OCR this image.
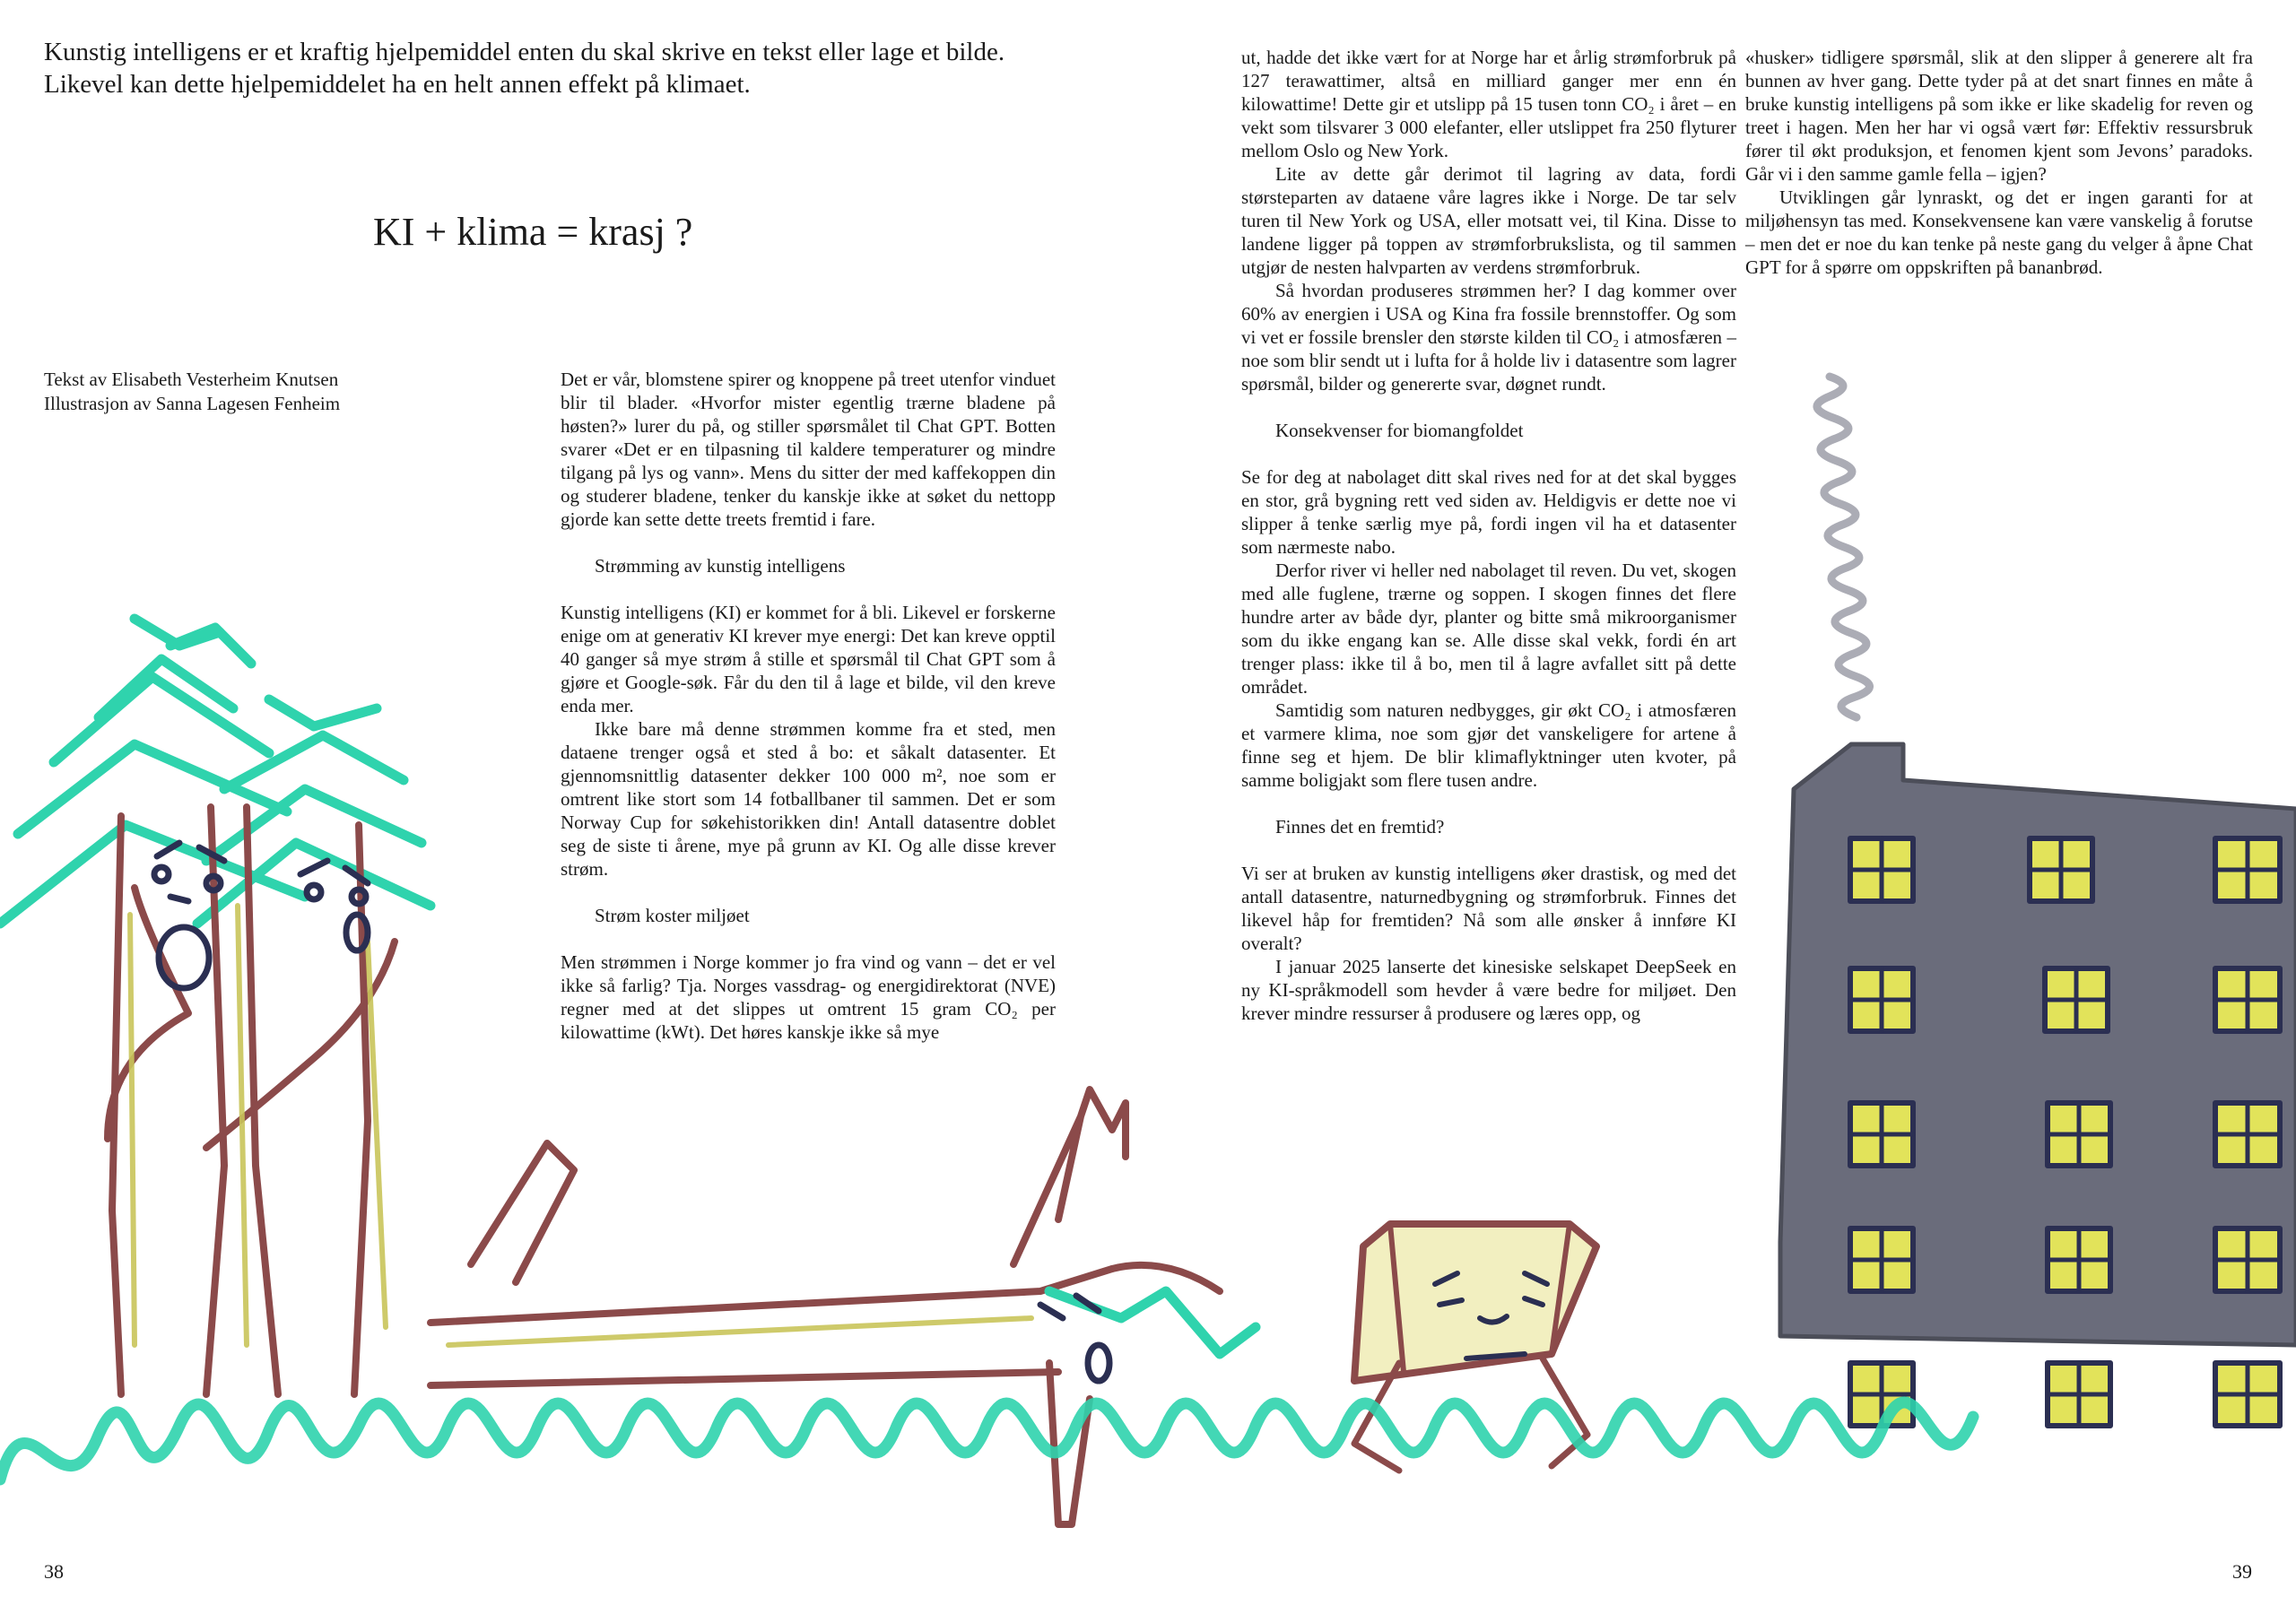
Kunstig intelligens er et kraftig hjelpemiddel enten du skal skrive en tekst eller lage et bilde. Likevel kan dette hjelpemiddelet ha en helt annen effekt på klimaet.

KI + klima = krasj ?
Tekst av Elisabeth Vesterheim Knutsen
Illustrasjon av Sanna Lagesen Fenheim

Det er vår, blomstene spirer og knoppene på treet utenfor vinduet blir til blader. «Hvorfor mister egentlig trærne bladene på høsten?» lurer du på, og stiller spørsmålet til Chat GPT. Botten svarer «Det er en tilpasning til kaldere temperaturer og mindre tilgang på lys og vann». Mens du sitter der med kaffekoppen din og studerer bladene, tenker du kanskje ikke at søket du nettopp gjorde kan sette dette treets fremtid i fare.

Strømming av kunstig intelligens

Kunstig intelligens (KI) er kommet for å bli. Likevel er forskerne enige om at generativ KI krever mye energi: Det kan kreve opptil 40 ganger så mye strøm å stille et spørsmål til Chat GPT som å gjøre et Google-søk. Får du den til å lage et bilde, vil den kreve enda mer.

Ikke bare må denne strømmen komme fra et sted, men dataene trenger også et sted å bo: et såkalt datasenter. Et gjennomsnittlig datasenter dekker 100 000 m², noe som er omtrent like stort som 14 fotballbaner til sammen. Det er som Norway Cup for søkehistorikken din! Antall datasentre doblet seg de siste ti årene, mye på grunn av KI. Og alle disse krever strøm.

Strøm koster miljøet

Men strømmen i Norge kommer jo fra vind og vann – det er vel ikke så farlig? Tja. Norges vassdrag- og energidirektorat (NVE) regner med at det slippes ut omtrent 15 gram CO₂ per kilowattime (kWt). Det høres kanskje ikke så mye

ut, hadde det ikke vært for at Norge har et årlig strømforbruk på 127 terawattimer, altså en milliard ganger mer enn én kilowattime! Dette gir et utslipp på 15 tusen tonn CO₂ i året – en vekt som tilsvarer 3 000 elefanter, eller utslippet fra 250 flyturer mellom Oslo og New York.

Lite av dette går derimot til lagring av data, fordi størsteparten av dataene våre lagres ikke i Norge. De tar selv turen til New York og USA, eller motsatt vei, til Kina. Disse to landene ligger på toppen av strømforbrukslista, og til sammen utgjør de nesten halvparten av verdens strømforbruk.

Så hvordan produseres strømmen her? I dag kommer over 60% av energien i USA og Kina fra fossile brennstoffer. Og som vi vet er fossile brensler den største kilden til CO₂ i atmosfæren – noe som blir sendt ut i lufta for å holde liv i datasentre som lagrer spørsmål, bilder og genererte svar, døgnet rundt.

Konsekvenser for biomangfoldet

Se for deg at nabolaget ditt skal rives ned for at det skal bygges en stor, grå bygning rett ved siden av. Heldigvis er dette noe vi slipper å tenke særlig mye på, fordi ingen vil ha et datasenter som nærmeste nabo.

Derfor river vi heller ned nabolaget til reven. Du vet, skogen med alle fuglene, trærne og soppen. I skogen finnes det flere hundre arter av både dyr, planter og bitte små mikroorganismer som du ikke engang kan se. Alle disse skal vekk, fordi én art trenger plass: ikke til å bo, men til å lagre avfallet sitt på dette området.

Samtidig som naturen nedbygges, gir økt CO₂ i atmosfæren et varmere klima, noe som gjør det vanskeligere for artene å finne seg et hjem. De blir klimaflyktninger uten kvoter, på samme boligjakt som flere tusen andre.

Finnes det en fremtid?

Vi ser at bruken av kunstig intelligens øker drastisk, og med det antall datasentre, naturnedbygning og strømforbruk. Finnes det likevel håp for fremtiden? Nå som alle ønsker å innføre KI overalt?

I januar 2025 lanserte det kinesiske selskapet DeepSeek en ny KI-språkmodell som hevder å være bedre for miljøet. Den krever mindre ressurser å produsere og læres opp, og

«husker» tidligere spørsmål, slik at den slipper å generere alt fra bunnen av hver gang. Dette tyder på at det snart finnes en måte å bruke kunstig intelligens på som ikke er like skadelig for reven og treet i hagen. Men her har vi også vært før: Effektiv ressursbruk fører til økt produksjon, et fenomen kjent som Jevons’ paradoks. Går vi i den samme gamle fella – igjen?

Utviklingen går lynraskt, og det er ingen garanti for at miljøhensyn tas med. Konsekvensene kan være vanskelig å forutse – men det er noe du kan tenke på neste gang du velger å åpne Chat GPT for å spørre om oppskriften på bananbrød.

38	39
